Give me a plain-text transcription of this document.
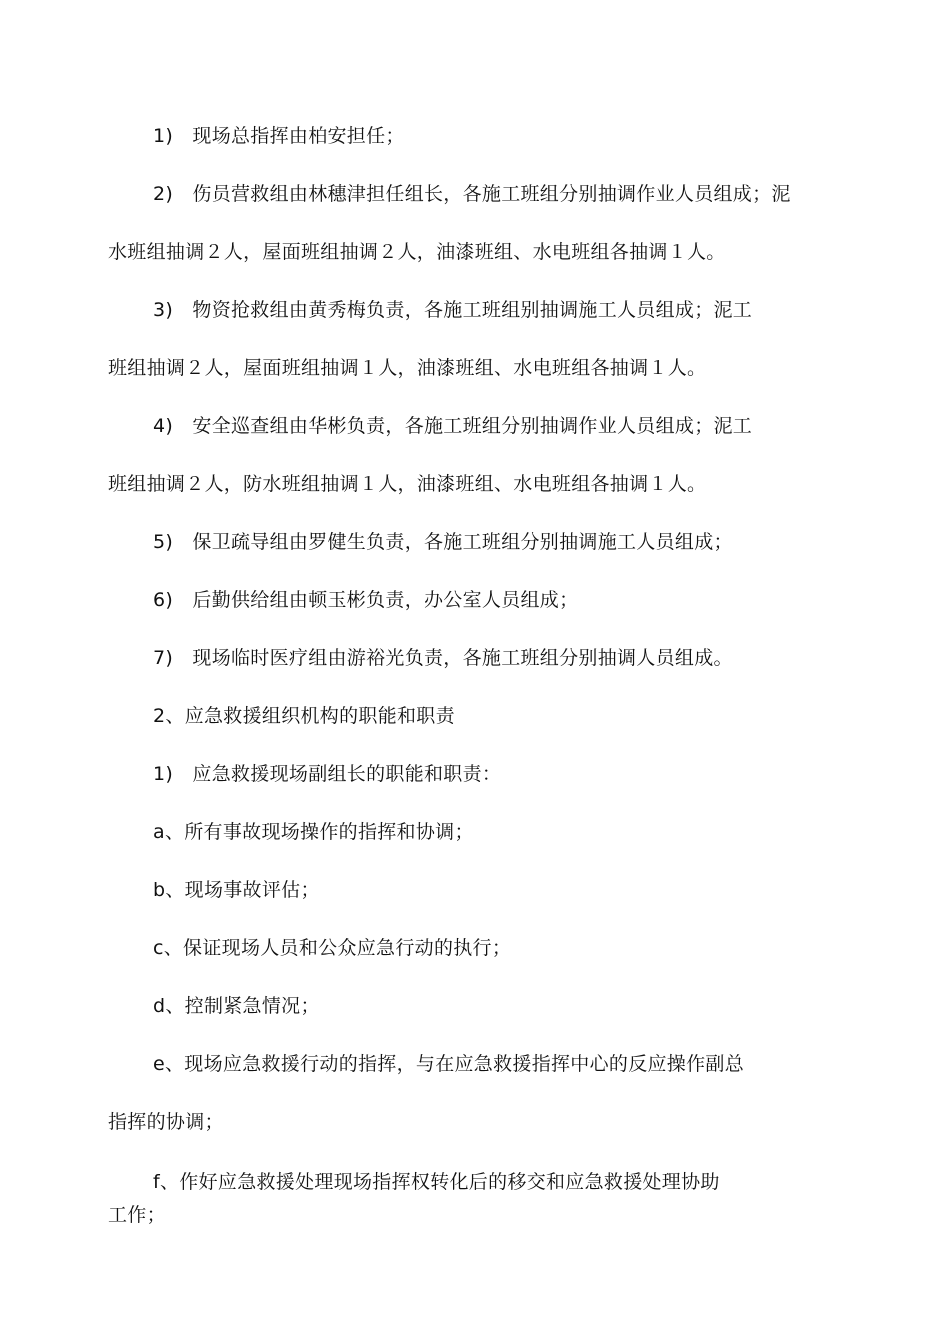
1)　现场总指挥由柏安担任；
2)　伤员营救组由林穗津担任组长，各施工班组分别抽调作业人员组成；泥
水班组抽调２人，屋面班组抽调２人，油漆班组、水电班组各抽调１人。
3)　物资抢救组由黄秀梅负责，各施工班组别抽调施工人员组成；泥工
班组抽调２人，屋面班组抽调１人，油漆班组、水电班组各抽调１人。
4)　安全巡查组由华彬负责，各施工班组分别抽调作业人员组成；泥工
班组抽调２人，防水班组抽调１人，油漆班组、水电班组各抽调１人。
5)　保卫疏导组由罗健生负责，各施工班组分别抽调施工人员组成；
6)　后勤供给组由顿玉彬负责，办公室人员组成；
7)　现场临时医疗组由游裕光负责，各施工班组分别抽调人员组成。
2、应急救援组织机构的职能和职责
1)　应急救援现场副组长的职能和职责：
a、所有事故现场操作的指挥和协调；
b、现场事故评估；
c、保证现场人员和公众应急行动的执行；
d、控制紧急情况；
e、现场应急救援行动的指挥，与在应急救援指挥中心的反应操作副总
指挥的协调；
f、作好应急救援处理现场指挥权转化后的移交和应急救援处理协助
工作；
